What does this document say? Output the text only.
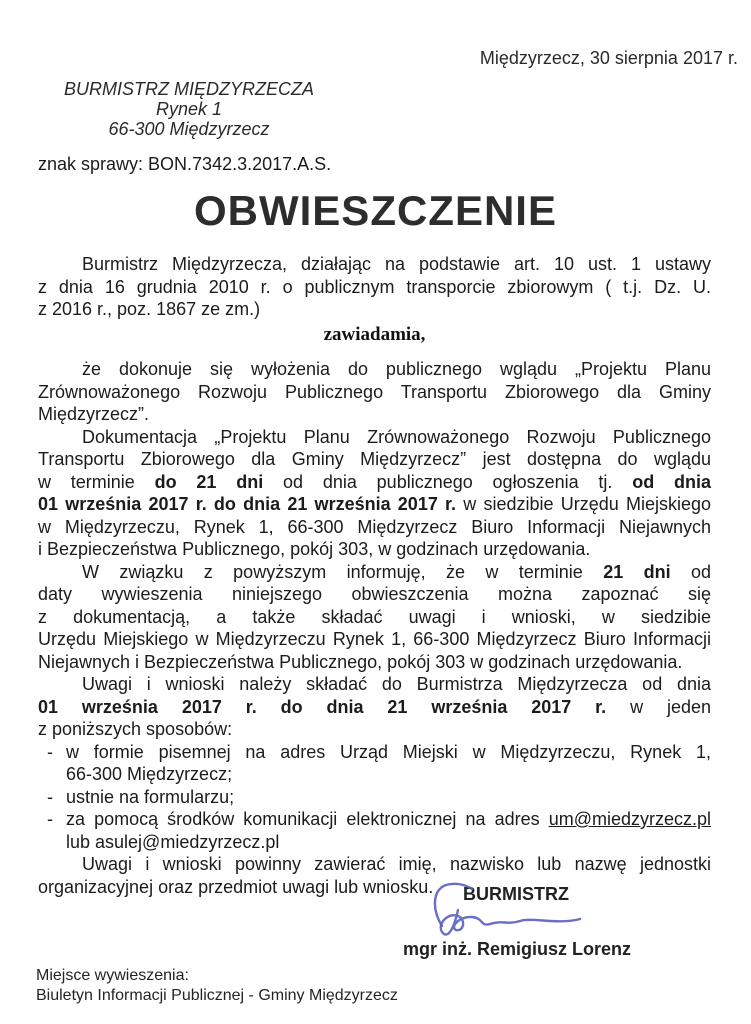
Międzyrzecz, 30 sierpnia 2017 r.
BURMISTRZ MIĘDZYRZECZA
Rynek 1
66-300 Międzyrzecz
znak sprawy: BON.7342.3.2017.A.S.
OBWIESZCZENIE
Burmistrz Międzyrzecza, działając na podstawie art. 10 ust. 1 ustawy
z dnia 16 grudnia 2010 r. o publicznym transporcie zbiorowym ( t.j. Dz. U.
z 2016 r., poz. 1867 ze zm.)
zawiadamia,
że dokonuje się wyłożenia do publicznego wglądu „Projektu Planu
Zrównoważonego Rozwoju Publicznego Transportu Zbiorowego dla Gminy
Międzyrzecz”.
Dokumentacja „Projektu Planu Zrównoważonego Rozwoju Publicznego
Transportu Zbiorowego dla Gminy Międzyrzecz” jest dostępna do wglądu
w terminie do 21 dni od dnia publicznego ogłoszenia tj. od dnia
01 września 2017 r. do dnia 21 września 2017 r. w siedzibie Urzędu Miejskiego
w Międzyrzeczu, Rynek 1, 66-300 Międzyrzecz Biuro Informacji Niejawnych
i Bezpieczeństwa Publicznego, pokój 303, w godzinach urzędowania.
W związku z powyższym informuję, że w terminie 21 dni od
daty wywieszenia niniejszego obwieszczenia można zapoznać się
z dokumentacją, a także składać uwagi i wnioski, w siedzibie
Urzędu Miejskiego w Międzyrzeczu Rynek 1, 66-300 Międzyrzecz Biuro Informacji
Niejawnych i Bezpieczeństwa Publicznego, pokój 303 w godzinach urzędowania.
Uwagi i wnioski należy składać do Burmistrza Międzyrzecza od dnia
01 września 2017 r. do dnia 21 września 2017 r. w jeden
z poniższych sposobów:
- w formie pisemnej na adres Urząd Miejski w Międzyrzeczu, Rynek 1,
66-300 Międzyrzecz;
- ustnie na formularzu;
- za pomocą środków komunikacji elektronicznej na adres um@miedzyrzecz.pl
lub asulej@miedzyrzecz.pl
Uwagi i wnioski powinny zawierać imię, nazwisko lub nazwę jednostki
organizacyjnej oraz przedmiot uwagi lub wniosku.	BURMISTRZ
mgr inż. Remigiusz Lorenz
Miejsce wywieszenia:
Biuletyn Informacji Publicznej - Gminy Międzyrzecz
